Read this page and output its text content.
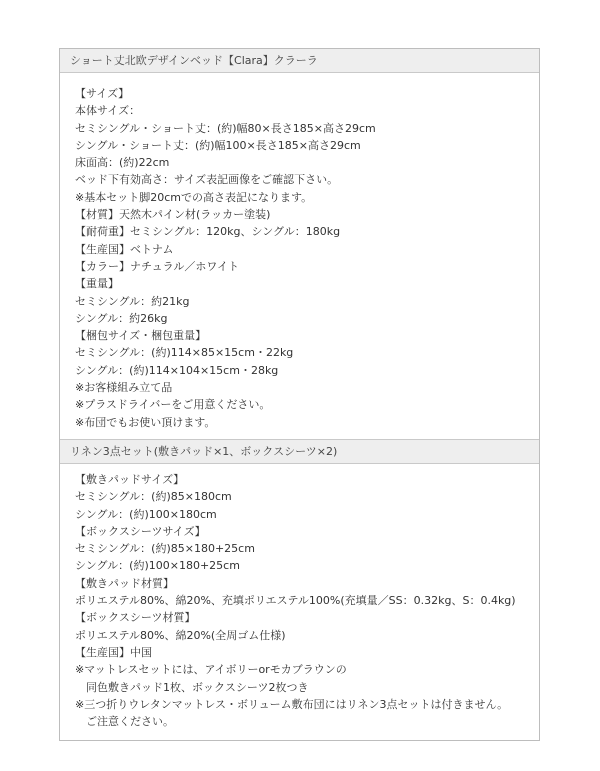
ショート丈北欧デザインベッド【Clara】クラーラ

【サイズ】

本体サイズ：

セミシングル・ショート丈：(約)幅80×長さ185×高さ29cm

シングル・ショート丈：(約)幅100×長さ185×高さ29cm

床面高：(約)22cm

ベッド下有効高さ：サイズ表記画像をご確認下さい。

※基本セット脚20cmでの高さ表記になります。

【材質】天然木パイン材(ラッカー塗装)

【耐荷重】セミシングル：120kg、シングル：180kg

【生産国】ベトナム

【カラー】ナチュラル／ホワイト

【重量】

セミシングル：約21kg

シングル：約26kg

【梱包サイズ・梱包重量】

セミシングル：(約)114×85×15cm・22kg

シングル：(約)114×104×15cm・28kg

※お客様組み立て品

※プラスドライバーをご用意ください。

※布団でもお使い頂けます。

リネン3点セット(敷きパッド×1、ボックスシーツ×2)

【敷きパッドサイズ】

セミシングル：(約)85×180cm

シングル：(約)100×180cm

【ボックスシーツサイズ】

セミシングル：(約)85×180+25cm

シングル：(約)100×180+25cm

【敷きパッド材質】

ポリエステル80%、綿20%、充填ポリエステル100%(充填量／SS：0.32kg、S：0.4kg)

【ボックスシーツ材質】

ポリエステル80%、綿20%(全周ゴム仕様)

【生産国】中国

※マットレスセットには、アイボリーorモカブラウンの

同色敷きパッド1枚、ボックスシーツ2枚つき

※三つ折りウレタンマットレス・ボリューム敷布団にはリネン3点セットは付きません。

ご注意ください。
